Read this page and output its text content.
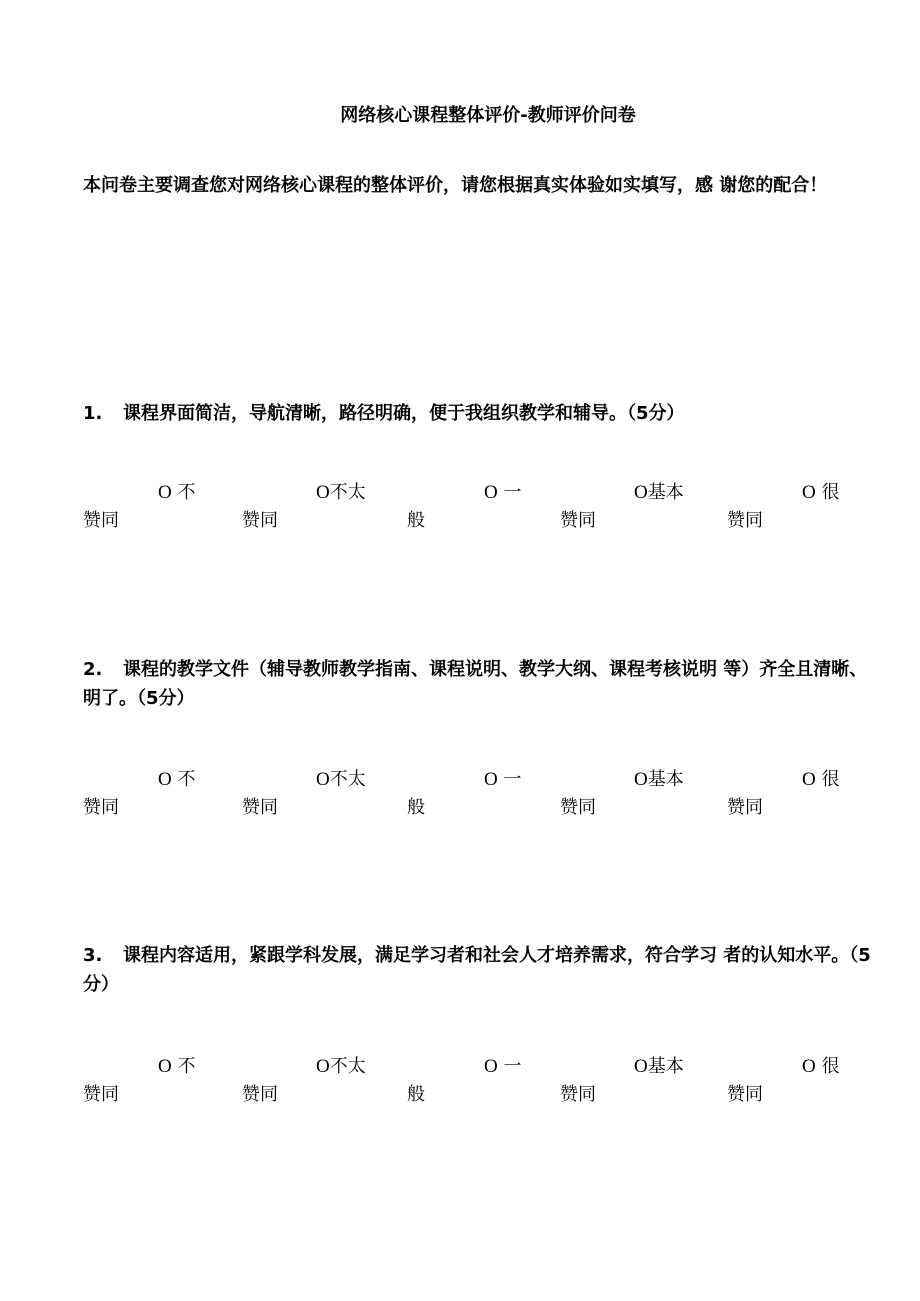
网络核心课程整体评价-教师评价问卷
本问卷主要调查您对网络核心课程的整体评价，请您根据真实体验如实填写，感 谢您的配合！
1. 课程界面简洁，导航清晰，路径明确，便于我组织教学和辅导。（5分）
O 不
赞同
O不太
赞同
O 一
般
O基本
赞同
O 很
赞同
2. 课程的教学文件（辅导教师教学指南、课程说明、教学大纲、课程考核说明 等）齐全且清晰、明了。（5分）
O 不
赞同
O不太
赞同
O 一
般
O基本
赞同
O 很
赞同
3. 课程内容适用，紧跟学科发展，满足学习者和社会人才培养需求，符合学习 者的认知水平。（5分）
O 不
赞同
O不太
赞同
O 一
般
O基本
赞同
O 很
赞同
